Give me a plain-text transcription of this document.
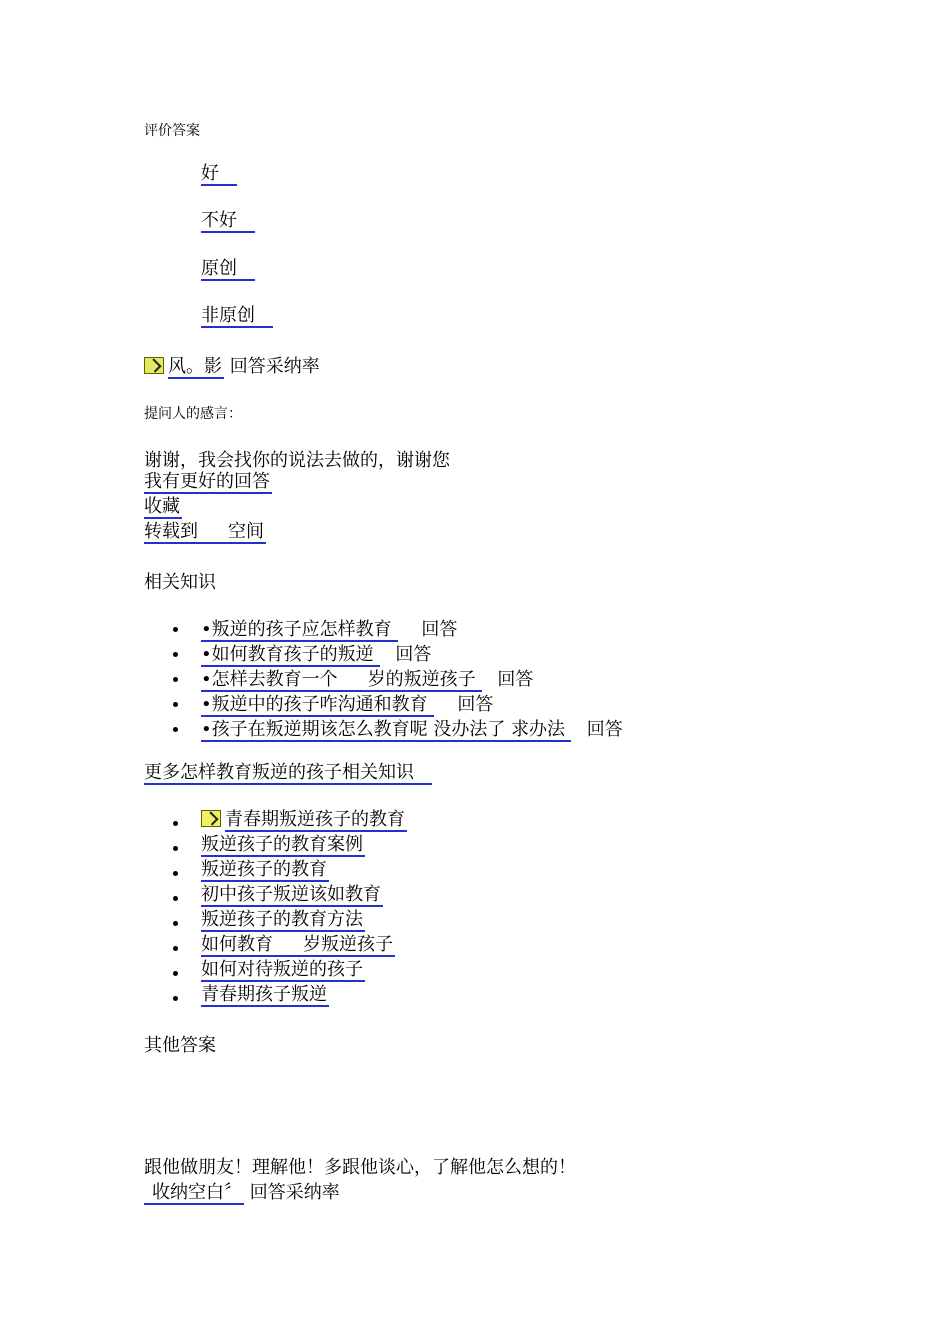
评价答案
好
不好
原创
非原创
风。影 回答采纳率
提问人的感言：
谢谢，我会找你的说法去做的，谢谢您
我有更好的回答
收藏
转载到 空间
相关知识
•叛逆的孩子应怎样教育 回答
•如何教育孩子的叛逆 回答
•怎样去教育一个 岁的叛逆孩子 回答
•叛逆中的孩子咋沟通和教育 回答
•孩子在叛逆期该怎么教育呢 没办法了 求办法 回答
更多怎样教育叛逆的孩子相关知识
青春期叛逆孩子的教育
叛逆孩子的教育案例
叛逆孩子的教育
初中孩子叛逆该如教育
叛逆孩子的教育方法
如何教育 岁叛逆孩子
如何对待叛逆的孩子
青春期孩子叛逆
其他答案
跟他做朋友！理解他！多跟他谈心，了解他怎么想的！
收纳空白〞 回答采纳率
